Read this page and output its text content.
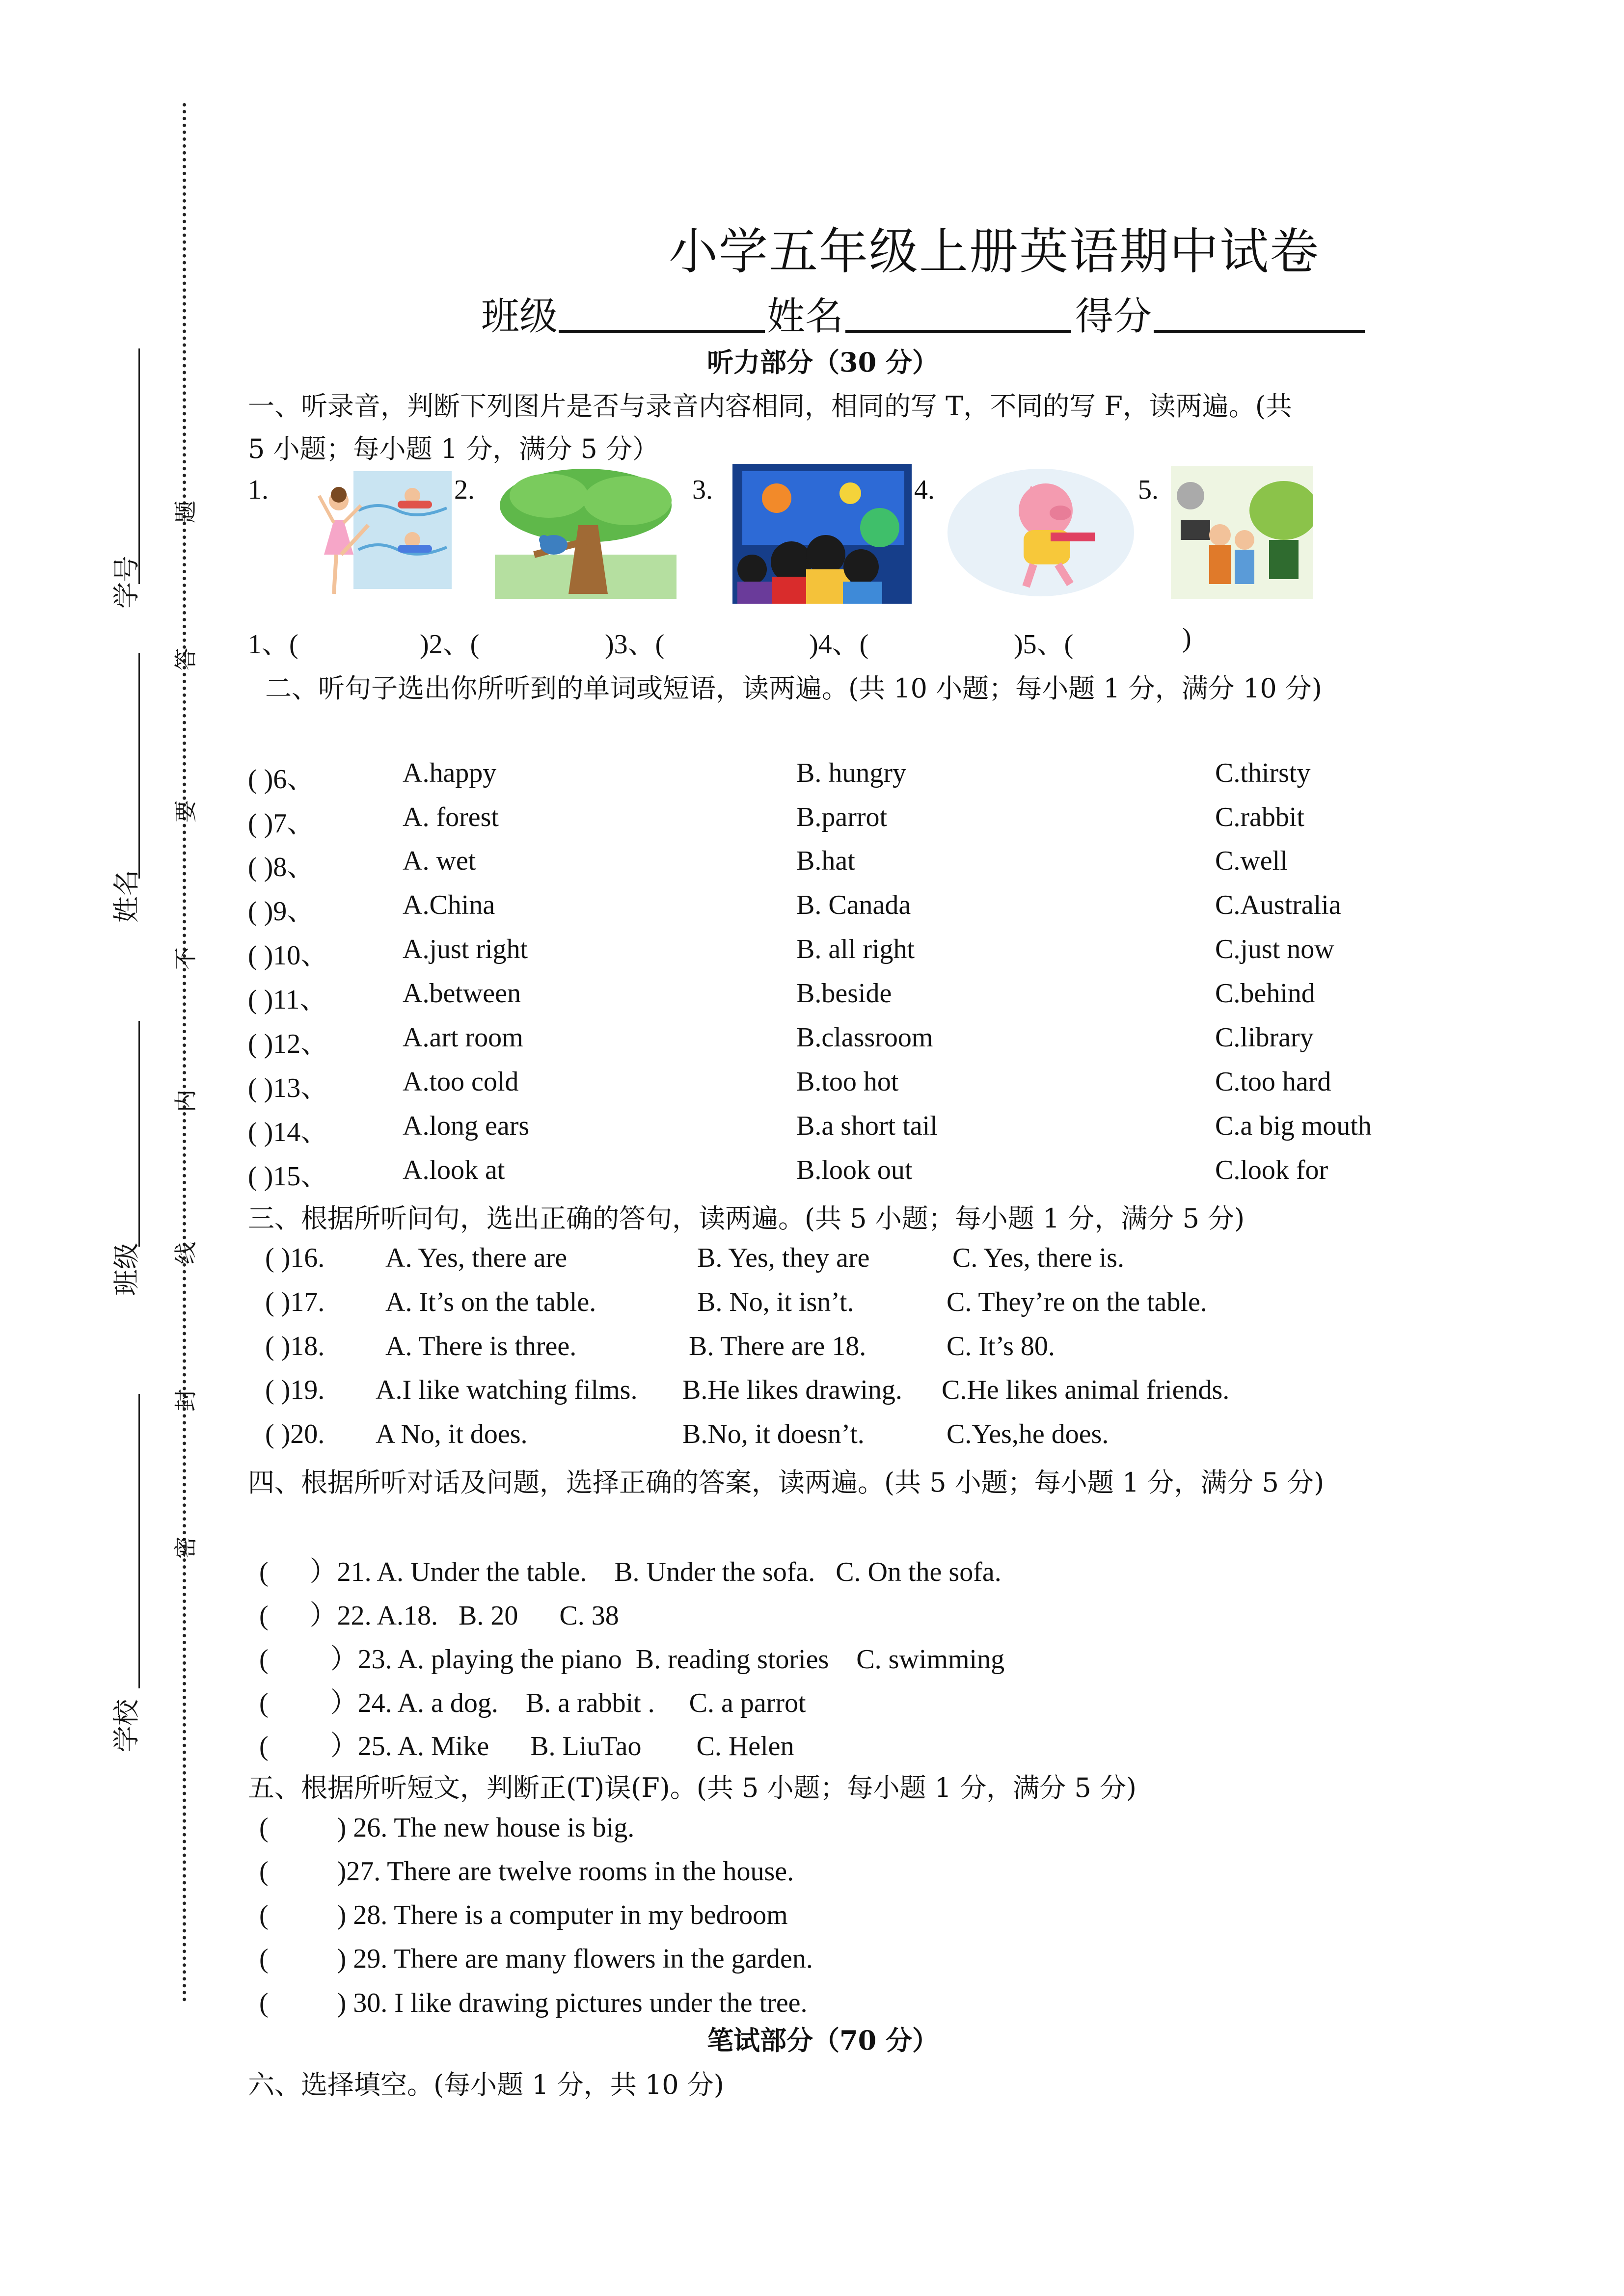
学号
姓名
班级
学校
题
答
要
不
内
线
封
密
小学五年级上册英语期中试卷
班级	姓名	得分
听力部分（30 分）
一、听录音，判断下列图片是否与录音内容相同，相同的写 T，不同的写 F，读两遍。(共
5 小题；每小题 1 分，满分 5 分）
1.	2.	3.	4.	5.
1、(	)2、(	)3、(	)4、(	)5、(	)
二、听句子选出你所听到的单词或短语，读两遍。(共 10 小题；每小题 1 分，满分 10 分)
( )6、	A.happy	B. hungry	C.thirsty
( )7、	A. forest	B.parrot	C.rabbit
( )8、	A. wet	B.hat	C.well
( )9、	A.China	B. Canada	C.Australia
( )10、	A.just right	B. all right	C.just now
( )11、	A.between	B.beside	C.behind
( )12、	A.art room	B.classroom	C.library
( )13、	A.too cold	B.too hot	C.too hard
( )14、	A.long ears	B.a short tail	C.a big mouth
( )15、	A.look at	B.look out	C.look for
三、根据所听问句，选出正确的答句，读两遍。(共 5 小题；每小题 1 分，满分 5 分)
( )16. A. Yes, there are	B. Yes, they are	C. Yes, there is.
( )17. A. It’s on the table.	B. No, it isn’t.	C. They’re on the table.
( )18. A. There is three.	B. There are 18.	C. It’s 80.
( )19. A.I like watching films. B.He likes drawing. C.He likes animal friends.
( )20. A No, it does.	B.No, it doesn’t.	C.Yes,he does.
四、根据所听对话及问题，选择正确的答案，读两遍。(共 5 小题；每小题 1 分，满分 5 分)
(      ）21. A. Under the table.    B. Under the sofa.   C. On the sofa.
(      ）22. A.18.   B. 20      C. 38
(         ）23. A. playing the piano  B. reading stories    C. swimming
(         ）24. A. a dog.    B. a rabbit .     C. a parrot
(         ）25. A. Mike      B. LiuTao        C. Helen
五、根据所听短文，判断正(T)误(F)。(共 5 小题；每小题 1 分，满分 5 分)
(          ) 26. The new house is big.
(          )27. There are twelve rooms in the house.
(          ) 28. There is a computer in my bedroom
(          ) 29. There are many flowers in the garden.
(          ) 30. I like drawing pictures under the tree.
笔试部分（70 分）
六、选择填空。(每小题 1 分，共 10 分)
